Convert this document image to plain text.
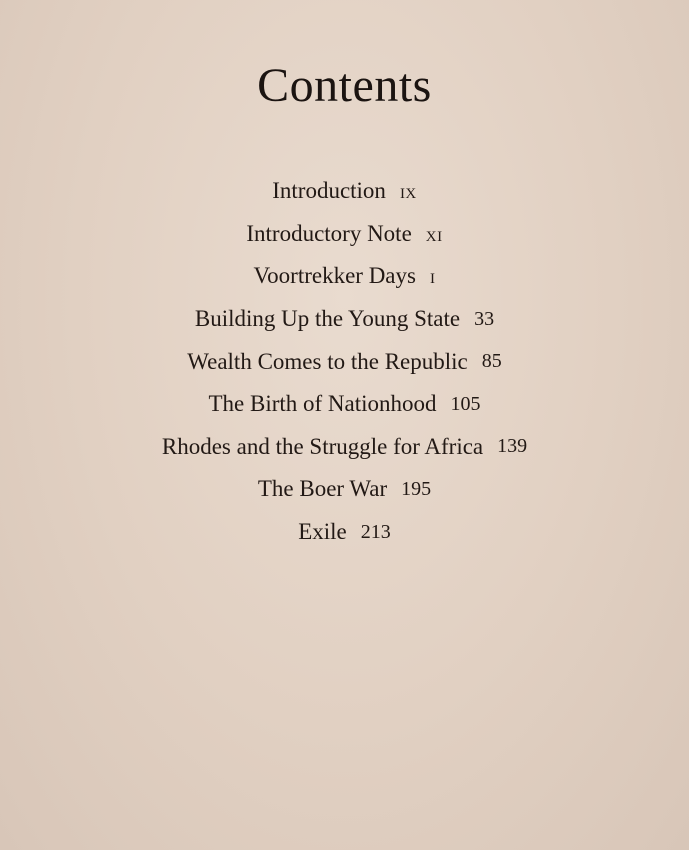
Contents
Introduction ix
Introductory Note xi
Voortrekker Days i
Building Up the Young State 33
Wealth Comes to the Republic 85
The Birth of Nationhood 105
Rhodes and the Struggle for Africa 139
The Boer War 195
Exile 213
